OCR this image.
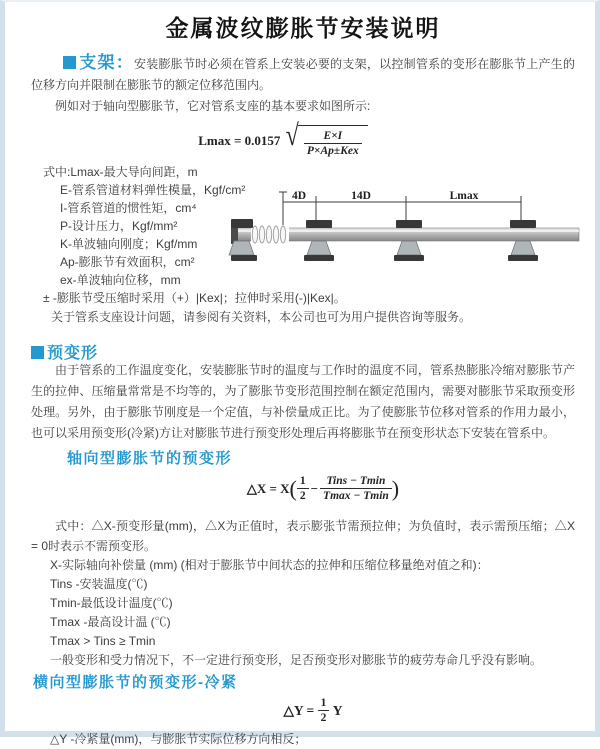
金属波纹膨胀节安装说明

支架：安装膨胀节时必须在管系上安装必要的支架，以控制管系的变形在膨胀节上产生的位移方向并限制在膨胀节的额定位移范围内。

例如对于轴向型膨胀节，它对管系支座的基本要求如图所示:

Lmax = 0.0157 √ $\frac{E\times I}{\text{P×Ap±Kex}}$
式中:Lmax-最大导向间距，m
E-管系管道材料弹性模量，Kgf/cm²
I-管系管道的惯性矩，cm⁴
P-设计压力，Kgf/mm²
K-单波轴向刚度；Kgf/mm
Ap-膨胀节有效面积，cm²
ex-单波轴向位移，mm
± -膨胀节受压缩时采用（+）|Kex|；拉伸时采用(-)|Kex|。
4D	14D	Lmax

关于管系支座设计问题，请参阅有关资料，本公司也可为用户提供咨询等服务。

预变形

由于管系的工作温度变化，安装膨胀节时的温度与工作时的温度不同，管系热膨胀冷缩对膨胀节产生的拉伸、压缩量常常是不均等的，为了膨胀节变形范围控制在额定范围内，需要对膨胀节采取预变形处理。另外，由于膨胀节刚度是一个定值，与补偿量成正比。为了使膨胀节位移对管系的作用力最小，也可以采用预变形(冷紧)方让对膨胀节进行预变形处理后再将膨胀节在预变形状态下安装在管系中。

轴向型膨胀节的预变形
△X = $X( \frac{1}{2} - \frac{\text{Tins − Tmin}}{Tmax - Tmin}$ )

式中：△X-预变形量(mm)，△X为正值时，表示膨张节需预拉伸；为负值时，表示需预压缩；△X = 0时表示不需预变形。

X-实际轴向补偿量 (mm) (相对于膨胀节中间状态的拉伸和压缩位移量绝对值之和)：
Tins -安装温度(℃)
Tmin-最低设计温度(℃)
Tmax -最高设计温 (℃)
Tmax > Tins ≥ Tmin
一般变形和受力情况下，不一定进行预变形，足否预变形对膨胀节的疲劳寿命几乎没有影响。
横向型膨胀节的预变形-冷紧
△Y = $\frac{1}{2}$ Y
△Y -冷紧量(mm)，与膨胀节实际位移方向相反；
